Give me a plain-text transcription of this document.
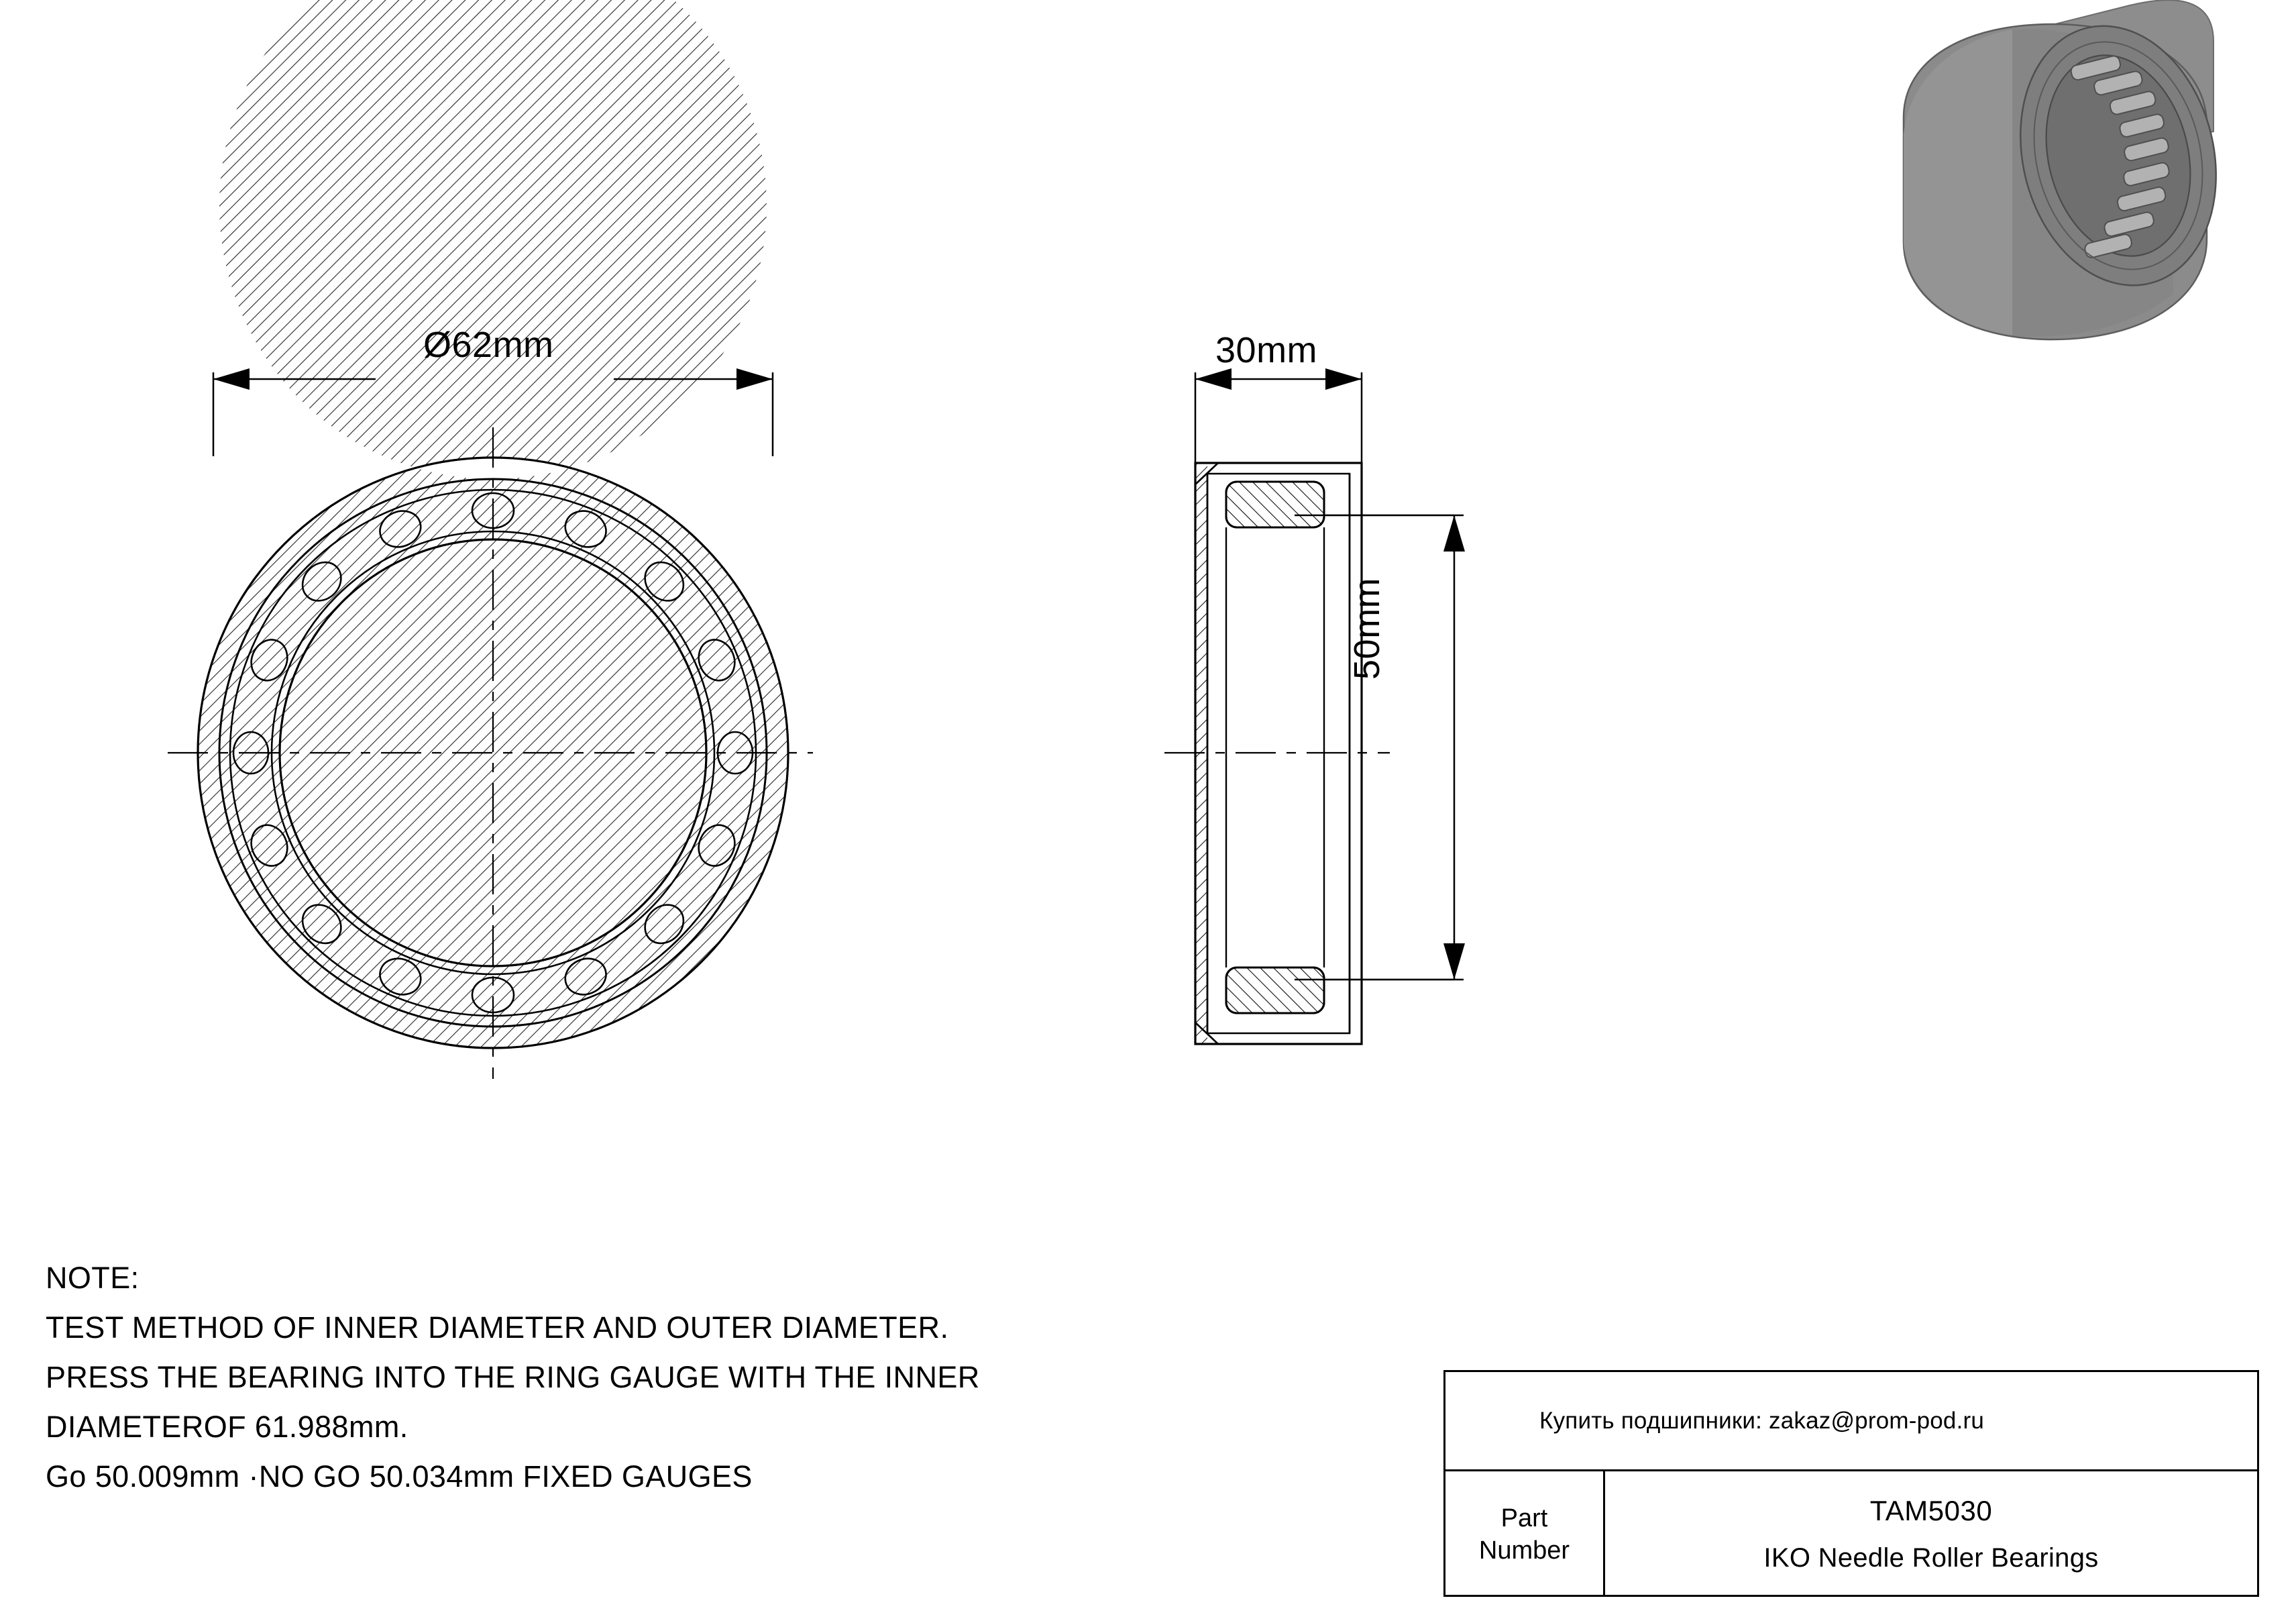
Ø62mm	30mm
50mm
NOTE:
TEST METHOD OF INNER DIAMETER AND OUTER DIAMETER.
PRESS THE BEARING INTO THE RING GAUGE WITH THE INNER
DIAMETEROF 61.988mm.
Go 50.009mm ·NO GO 50.034mm FIXED GAUGES
Купить подшипники: zakaz@prom-pod.ru
Part
Number
TAM5030
IKO Needle Roller Bearings
